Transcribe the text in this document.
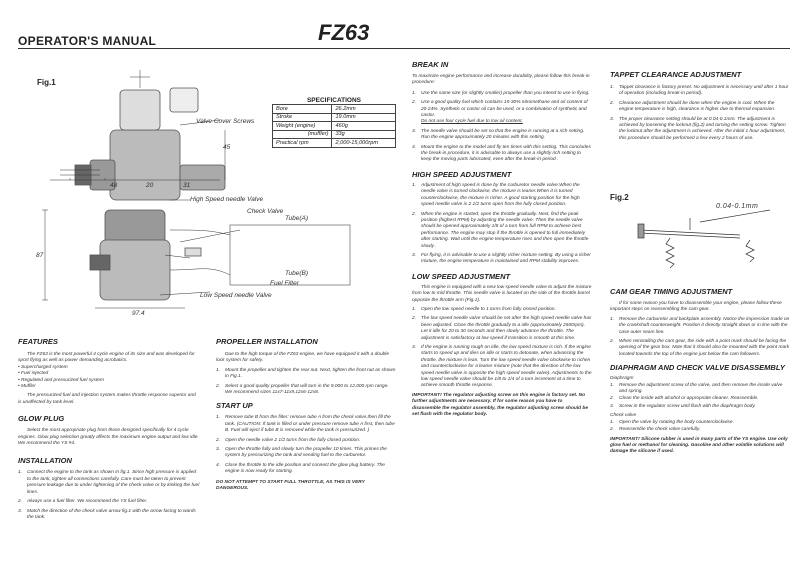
OPERATOR'S MANUAL	FZ63
Fig.1
Valve Cover Screws
High Speed needle Valve
Check Valve
Tube(A)
Tube(B)
Fuel Filter
Low Speed needle Valve
48	20	31
45
87
97.4
SPECIFICATIONS
Bore	26.2mm
Stroke	19.0mm
Weight (engine)	460g
(muffler)	33g
Practical rpm	2,000-15,000rpm
FEATURES
The FZ63 is the most powerful 4 cycle engine of its size and was developed for sport flying as well as power demanding acrobatics.
• Supercharged system
• Fuel injected
• Regulated and pressurized fuel system
• Muffler
The pressurized fuel and injection system makes throttle response superior and is unaffected by tank level.
GLOW PLUG
Select the most appropriate plug from those designed specifically for 4 cycle engines. Glow plug selection greatly affects the maximum engine output and low idle. We recommend the YS #4.
INSTALLATION
1.	Connect the engine to the tank as shown in fig.1. Since high pressure is applied to the tank, tighten all connections carefully. Care must be taken to prevent pressure leakage due to under tightening of the check valve or by kinking the fuel lines.
2.	Always use a fuel filter. We recommend the YS fuel filter.
3.	Match the direction of the check valve arrow fig.1 with the arrow facing to wards the tank.
PROPELLER INSTALLATION
Due to the high torque of the FZ63 engine, we have equipped it with a double lock system for safety.
1.	Mount the propeller and tighten the rear nut. Next, tighten the front nut as shown in Fig.1.
2.	Select a good quality propeller that will turn in the 9,000 to 12,000 rpm range. We recommend sizes 11x7-11x9,12x6-12x8.
START UP
1.	Remove tube B from the filter: remove tube A from the check valve,then fill the tank. (CAUTION: If tank is filled or under pressure remove tube A first, then tube B. Fuel will eject if tube B is removed while the tank is pressurized. )
2.	Open the needle valve 2 1/2 turns from the fully closed position.
3.	Open the throttle fully and slowly turn the propeller 10 times. This primes the system by pressurizing the tank and sending fuel to the carburetor.
4.	Close the throttle to the idle position and connect the glow plug battery. The engine is now ready for starting.
DO NOT ATTEMPT TO START FULL THROTTLE, AS THIS IS VERY DANGEROUS.
BREAK IN
To maximize engine performance and increase durability, please follow this break-in procedure:
1.	Use the same size (or slightly smaller) propeller than you intend to use in flying.
2.	Use a good quality fuel which contains 15-30% nitromethane and oil content of 20-24%. Synthetic or castor oil can be used, or a combination of synthetic and castor.
Do not use four cycle fuel due to low oil content.
3.	The needle valve should be set so that the engine is running at a rich setting. Run the engine approximately 20 minutes with this setting.
4.	Mount the engine to the model and fly ten times with this setting. This concludes the break-in procedure, it is advisable to always use a slightly rich setting to keep the moving parts lubricated, even after the break-in period .
HIGH SPEED ADJUSTMENT
1.	Adjustment of high speed is done by the carburetor needle valve.When the needle valve is turned clockwise, the mixture is leaner.When it is turned counterclockwise, the mixture is richer. A good starting position for the high speed needle valve is 2 1/2 turns open from the fully closed position.
2.	When the engine is started, open the throttle gradually. Next, find the peak position (highest RPM) by adjusting the needle valve. Then the needle valve should be opened approximately 1/8 of a turn from full RPM to achieve best performance. The engine may stop if the throttle is opened to full immediately after starting. Wait until the engine temperature rises and then open the throttle slowly .
3.	For flying, it is advisable to use a slightly richer mixture setting. By using a richer mixture, the engine temperature is maintained and RPM stability improves.
LOW SPEED ADJUSTMENT
This engine is equipped with a new low speed needle valve to adjust the mixture from low to mid throttle. This needle valve is located on the side of the throttle barrel opposite the throttle arm (Fig.1).
1.	Open the low speed needle to 1 turns from fully closed position.
2.	The low speed needle valve should be set after the high speed needle valve has been adjusted. Close the throttle gradually to a idle (approximately 2500rpm). Let it idle for 20 to 30 seconds and then slowly advance the throttle. The adjustment is satisfactory at low speed if transition is smooth at this time.
3.	If the engine is running rough on idle, the low speed mixture is rich. If the engine starts to speed up and dies on idle or starts to detonate, when advancing the throttle, the mixture is lean. Turn the low speed needle valve clockwise to richen and counterclockwise for a leaner mixture (note that the direction of the low speed needle valve is opposite the high speed needle valve). Adjustments to the low speed needle valve should be 1/8 to 1/4 of a turn increment at a time to achieve smooth throttle response.
IMPORTANT! The regulator adjusting screw on this engine is factory set. No further adjustments are necessary. If for some reason you have to disassemble the regulator assembly, the regulator adjusting screw should be set flush with the regulator body.
TAPPET CLEARANCE ADJUSTMENT
1.	Tappet clearance is factory preset. No adjustment is necessary until after 1 hour of operation (including break-in period).
2.	Clearance adjustment should be done when the engine is cool. When the engine temperature is high, clearance is higher due to thermal expansion.
3.	The proper clearance setting should be at 0.04-0.1mm. The adjustment is achieved by loosening the locknut (fig.2) and turning the setting screw. Tighten the locknut after the adjustment is achieved. After the initial 1 hour adjustment, this procedure should be performed a few every 2 hours of use.
Fig.2
0.04-0.1mm
CAM GEAR TIMING ADJUSTMENT
If for some reason you have to disassemble your engine, please follow these important steps on reassembling the cam gear.
1.	Remove the carburetor and backplate assembly. Notice the impression made on the crankshaft counterweight. Position it directly straight down or in line with the case outer seam line.
2.	When reinstalling the cam gear, the side with a point mark should be facing the opening of the gear box. Note that it should also be mounted with the point mark located towards the top of the engine just below the cam followers.
DIAPHRAGM AND CHECK VALVE DISASSEMBLY
Diaphragm
1.	Remove the adjustment screw of the valve, and then remove the inside valve and spring.
2.	Clean the inside with alcohol or appropriate cleaner. Reassemble.
3.	Screw in the regulator screw until flush with the diaphragm body.
Check valve
1.	Open the valve by rotating the body counterclockwise.
2.	Reassemble the check valve carefully.
IMPORTANT! Silicone rubber is used in many parts of the YS engine. Use only glow fuel or methanol for cleaning. Gasoline and other volatile solutions will damage the silicone if used.
